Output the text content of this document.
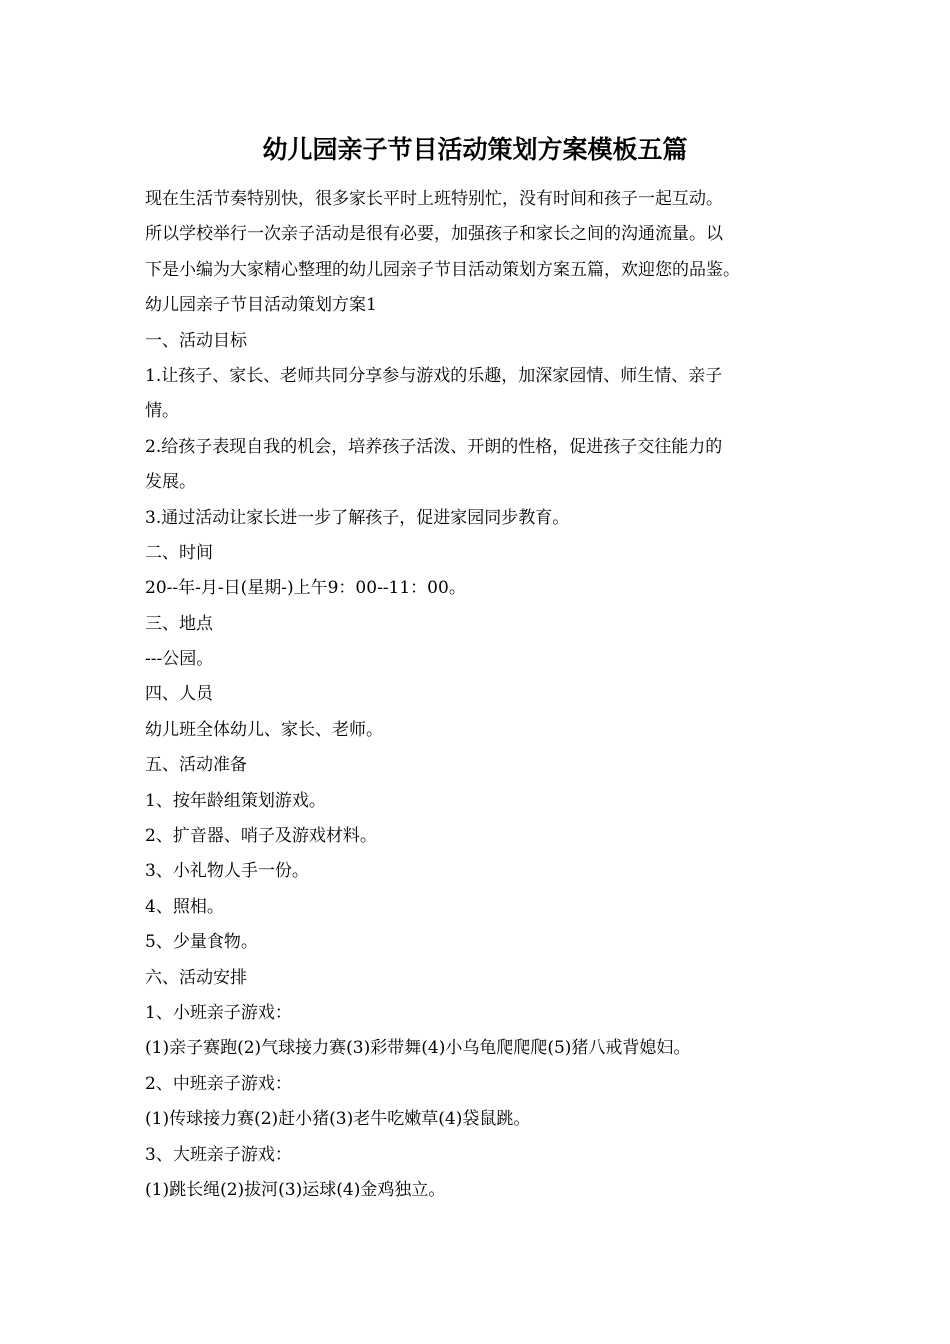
幼儿园亲子节目活动策划方案模板五篇

现在生活节奏特别快，很多家长平时上班特别忙，没有时间和孩子一起互动。

所以学校举行一次亲子活动是很有必要，加强孩子和家长之间的沟通流量。以

下是小编为大家精心整理的幼儿园亲子节目活动策划方案五篇，欢迎您的品鉴。

幼儿园亲子节目活动策划方案1

一、活动目标

1.让孩子、家长、老师共同分享参与游戏的乐趣，加深家园情、师生情、亲子

情。

2.给孩子表现自我的机会，培养孩子活泼、开朗的性格，促进孩子交往能力的

发展。

3.通过活动让家长进一步了解孩子，促进家园同步教育。

二、时间

20--年-月-日(星期-)上午9：00--11：00。

三、地点

---公园。

四、人员

幼儿班全体幼儿、家长、老师。

五、活动准备

1、按年龄组策划游戏。

2、扩音器、哨子及游戏材料。

3、小礼物人手一份。

4、照相。

5、少量食物。

六、活动安排

1、小班亲子游戏：

(1)亲子赛跑(2)气球接力赛(3)彩带舞(4)小乌龟爬爬爬(5)猪八戒背媳妇。

2、中班亲子游戏：

(1)传球接力赛(2)赶小猪(3)老牛吃嫩草(4)袋鼠跳。

3、大班亲子游戏：

(1)跳长绳(2)拔河(3)运球(4)金鸡独立。
